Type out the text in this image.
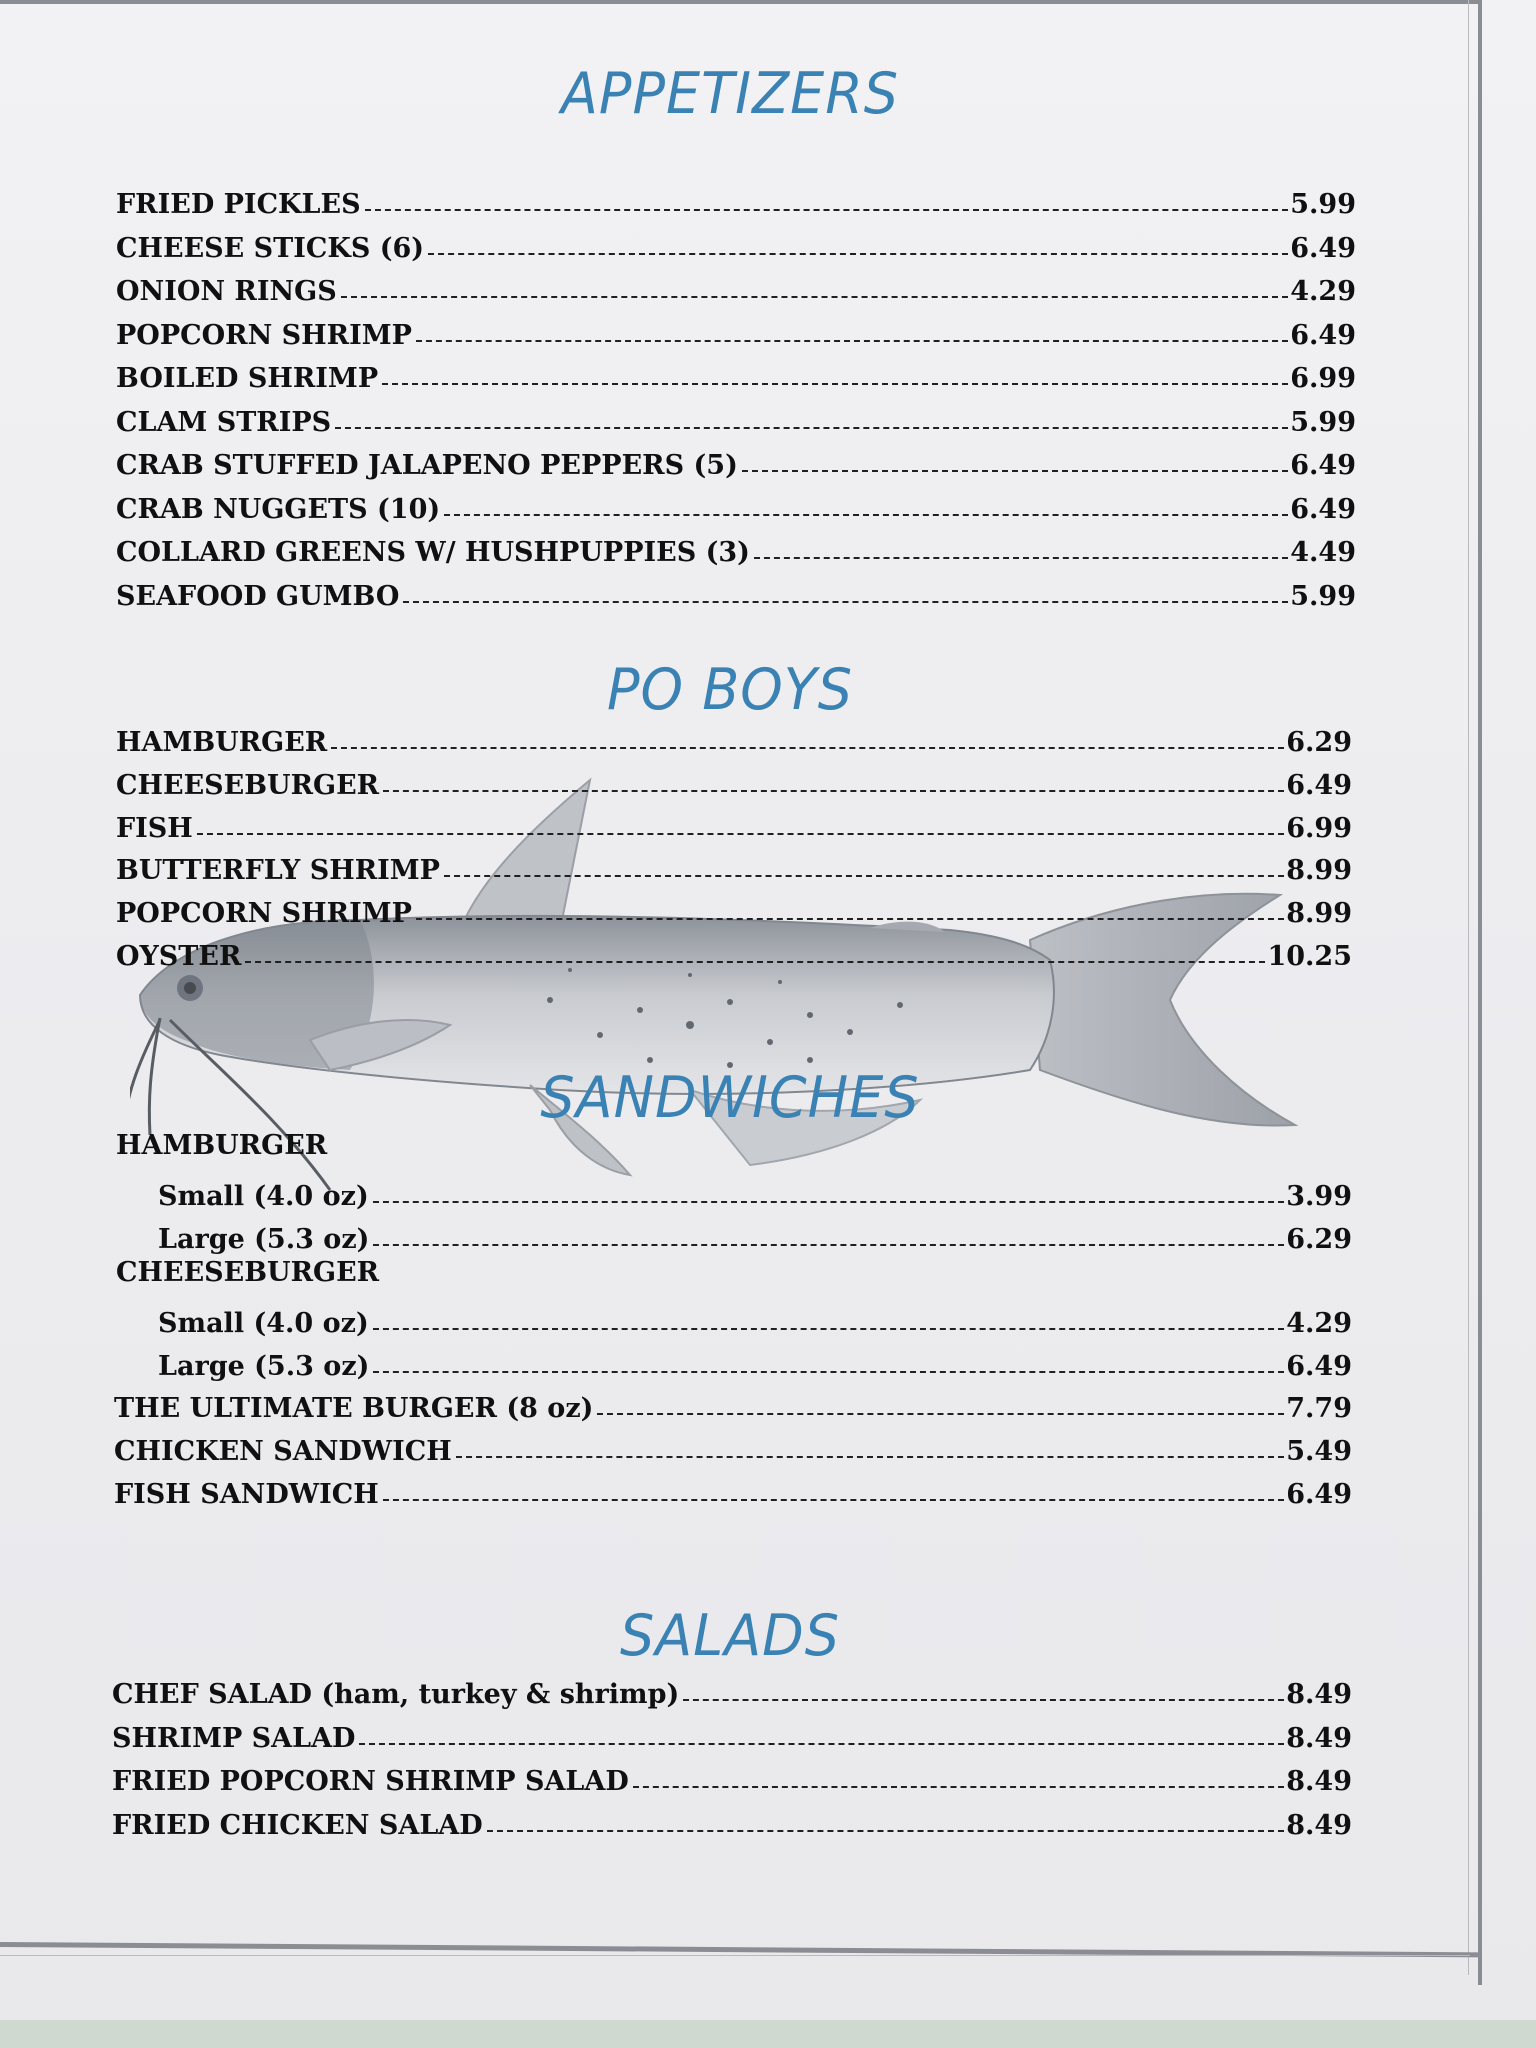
APPETIZERS
FRIED PICKLES	5.99
CHEESE STICKS (6)	6.49
ONION RINGS	4.29
POPCORN SHRIMP	6.49
BOILED SHRIMP	6.99
CLAM STRIPS	5.99
CRAB STUFFED JALAPENO PEPPERS (5)	6.49
CRAB NUGGETS (10)	6.49
COLLARD GREENS W/ HUSHPUPPIES (3)	4.49
SEAFOOD GUMBO	5.99
PO BOYS
HAMBURGER	6.29
CHEESEBURGER	6.49
FISH	6.99
BUTTERFLY SHRIMP	8.99
POPCORN SHRIMP	8.99
OYSTER	10.25
SANDWICHES
HAMBURGER
Small (4.0 oz)	3.99
Large (5.3 oz)	6.29
CHEESEBURGER
Small (4.0 oz)	4.29
Large (5.3 oz)	6.49
THE ULTIMATE BURGER (8 oz)	7.79
CHICKEN SANDWICH	5.49
FISH SANDWICH	6.49
SALADS
CHEF SALAD (ham, turkey & shrimp)	8.49
SHRIMP SALAD	8.49
FRIED POPCORN SHRIMP SALAD	8.49
FRIED CHICKEN SALAD	8.49
